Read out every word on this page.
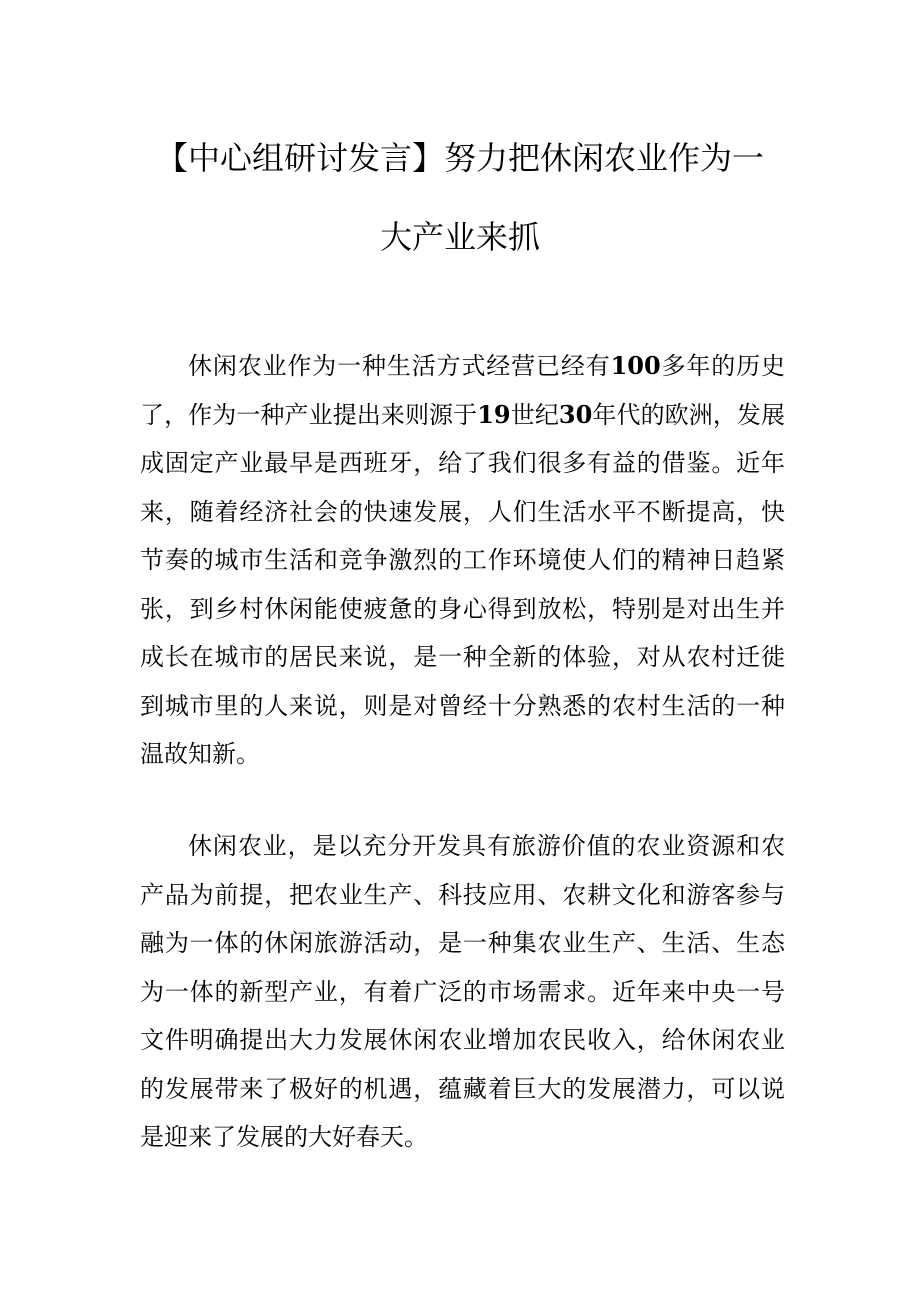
【中心组研讨发言】努力把休闲农业作为一
大产业来抓

休闲农业作为一种生活方式经营已经有100多年的历史了，作为一种产业提出来则源于19世纪30年代的欧洲，发展成固定产业最早是西班牙，给了我们很多有益的借鉴。近年来，随着经济社会的快速发展，人们生活水平不断提高，快节奏的城市生活和竞争激烈的工作环境使人们的精神日趋紧张，到乡村休闲能使疲惫的身心得到放松，特别是对出生并成长在城市的居民来说，是一种全新的体验，对从农村迁徙到城市里的人来说，则是对曾经十分熟悉的农村生活的一种温故知新。

休闲农业，是以充分开发具有旅游价值的农业资源和农产品为前提，把农业生产、科技应用、农耕文化和游客参与融为一体的休闲旅游活动，是一种集农业生产、生活、生态为一体的新型产业，有着广泛的市场需求。近年来中央一号文件明确提出大力发展休闲农业增加农民收入，给休闲农业的发展带来了极好的机遇，蕴藏着巨大的发展潜力，可以说是迎来了发展的大好春天。
